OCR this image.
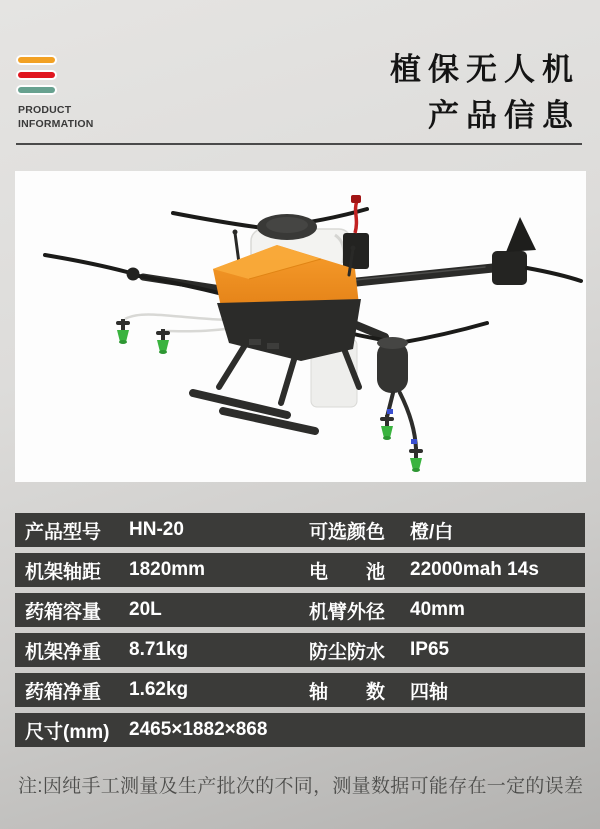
PRODUCT
INFORMATION
植保无人机
产品信息
产品型号	HN-20	可选颜色	橙/白
机架轴距	1820mm	电　　池	22000mah 14s
药箱容量	20L	机臂外径	40mm
机架净重	8.71kg	防尘防水	IP65
药箱净重	1.62kg	轴　　数	四轴
尺寸(mm)	2465×1882×868
注:因纯手工测量及生产批次的不同，测量数据可能存在一定的误差
